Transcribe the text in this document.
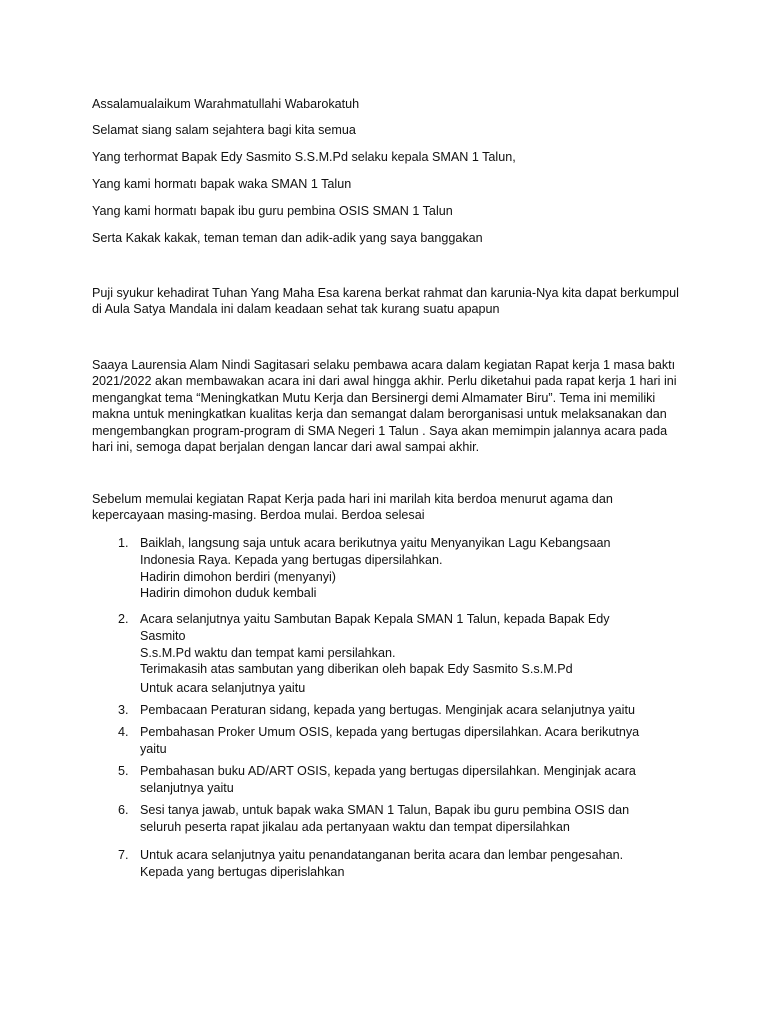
Assalamualaikum Warahmatullahi Wabarokatuh

Selamat siang salam sejahtera bagi kita semua

Yang terhormat Bapak Edy Sasmito S.S.M.Pd selaku kepala SMAN 1 Talun,

Yang kami hormatı bapak waka SMAN 1 Talun

Yang kami hormatı bapak ibu guru pembina OSIS SMAN 1 Talun

Serta Kakak kakak, teman teman dan adik-adik yang saya banggakan

Puji syukur kehadirat Tuhan Yang Maha Esa karena berkat rahmat dan karunia-Nya kita dapat berkumpul di Aula Satya Mandala ini dalam keadaan sehat tak kurang suatu apapun

Saaya Laurensia Alam Nindi Sagitasari selaku pembawa acara dalam kegiatan Rapat kerja 1 masa baktı 2021/2022 akan membawakan acara ini dari awal hingga akhir. Perlu diketahui pada rapat kerja 1 hari ini mengangkat tema “Meningkatkan Mutu Kerja dan Bersinergi demi Almamater Biru”. Tema ini memiliki makna untuk meningkatkan kualitas kerja dan semangat dalam berorganisasi untuk melaksanakan dan mengembangkan program-program di SMA Negeri 1 Talun . Saya akan memimpin jalannya acara pada hari ini, semoga dapat berjalan dengan lancar dari awal sampai akhir.

Sebelum memulai kegiatan Rapat Kerja pada hari ini marilah kita berdoa menurut agama dan kepercayaan masing-masing. Berdoa mulai. Berdoa selesai

1. Baiklah, langsung saja untuk acara berikutnya yaitu Menyanyikan Lagu Kebangsaan
Indonesia Raya. Kepada yang bertugas dipersilahkan.
Hadirin dimohon berdiri (menyanyi)
Hadirin dimohon duduk kembali
2. Acara selanjutnya yaitu Sambutan Bapak Kepala SMAN 1 Talun, kepada Bapak Edy Sasmito
S.s.M.Pd waktu dan tempat kami persilahkan.
Terimakasih atas sambutan yang diberikan oleh bapak Edy Sasmito S.s.M.Pd
Untuk acara selanjutnya yaitu
3. Pembacaan Peraturan sidang, kepada yang bertugas. Menginjak acara selanjutnya yaitu
4. Pembahasan Proker Umum OSIS, kepada yang bertugas dipersilahkan. Acara berikutnya
yaitu
5. Pembahasan buku AD/ART OSIS, kepada yang bertugas dipersilahkan. Menginjak acara
selanjutnya yaitu
6. Sesi tanya jawab, untuk bapak waka SMAN 1 Talun, Bapak ibu guru pembina OSIS dan
seluruh peserta rapat jikalau ada pertanyaan waktu dan tempat dipersilahkan
7. Untuk acara selanjutnya yaitu penandatanganan berita acara dan lembar pengesahan.
Kepada yang bertugas diperislahkan
